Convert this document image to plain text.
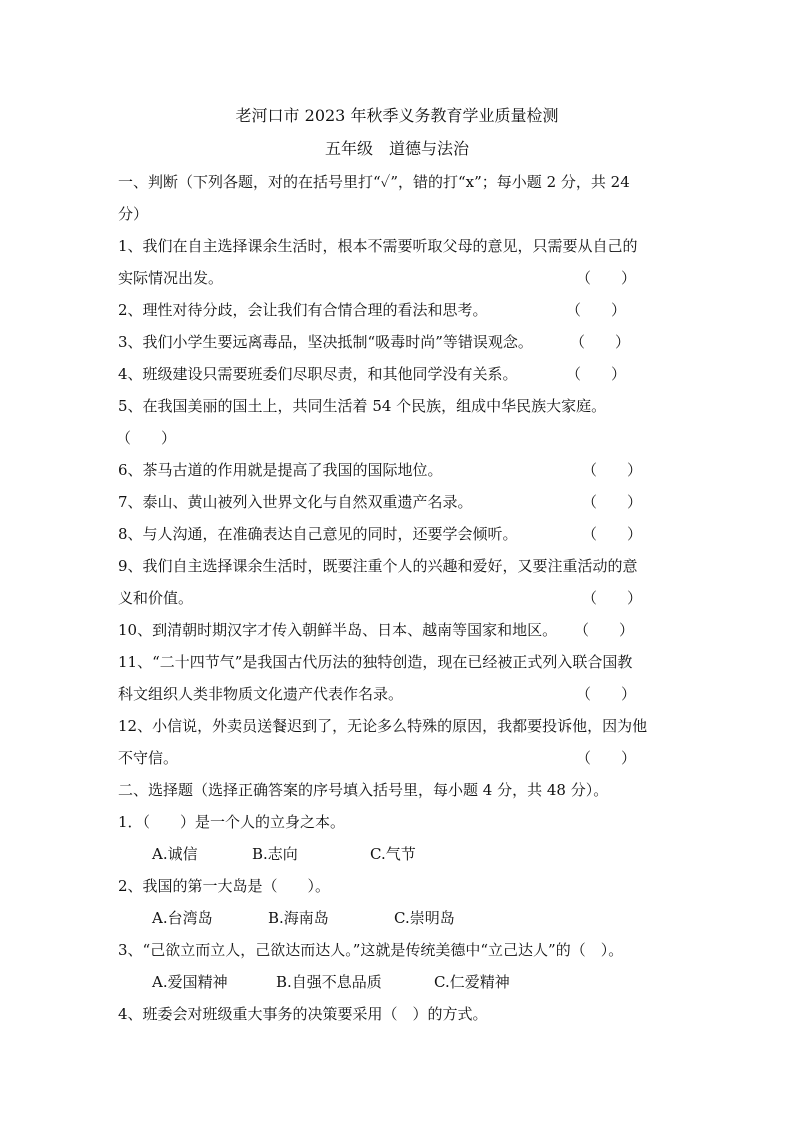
老河口市 2023 年秋季义务教育学业质量检测
五年级　道德与法治
一、判断（下列各题，对的在括号里打“✓”，错的打“x”；每小题 2 分，共 24
分）
1、我们在自主选择课余生活时，根本不需要听取父母的意见，只需要从自己的
实际情况出发。	（　　）
2、理性对待分歧，会让我们有合情合理的看法和思考。	（　　）
3、我们小学生要远离毒品，坚决抵制“吸毒时尚”等错误观念。	（　　）
4、班级建设只需要班委们尽职尽责，和其他同学没有关系。	（　　）
5、在我国美丽的国土上，共同生活着 54 个民族，组成中华民族大家庭。
（　　）
6、茶马古道的作用就是提高了我国的国际地位。	（　　）
7、泰山、黄山被列入世界文化与自然双重遗产名录。	（　　）
8、与人沟通，在准确表达自己意见的同时，还要学会倾听。	（　　）
9、我们自主选择课余生活时，既要注重个人的兴趣和爱好，又要注重活动的意
义和价值。	（　　）
10、到清朝时期汉字才传入朝鲜半岛、日本、越南等国家和地区。	（　　）
11、“二十四节气”是我国古代历法的独特创造，现在已经被正式列入联合国教
科文组织人类非物质文化遗产代表作名录。	（　　）
12、小信说，外卖员送餐迟到了，无论多么特殊的原因，我都要投诉他，因为他
不守信。	（　　）
二、选择题（选择正确答案的序号填入括号里，每小题 4 分，共 48 分）。
1．（　　）是一个人的立身之本。
A.诚信	B.志向	C.气节
2、我国的第一大岛是（　　）。
A.台湾岛	B.海南岛	C.崇明岛
3、“己欲立而立人，己欲达而达人。”这就是传统美德中“立己达人”的（　）。
A.爱国精神	B.自强不息品质	C.仁爱精神
4、班委会对班级重大事务的决策要采用（　）的方式。
